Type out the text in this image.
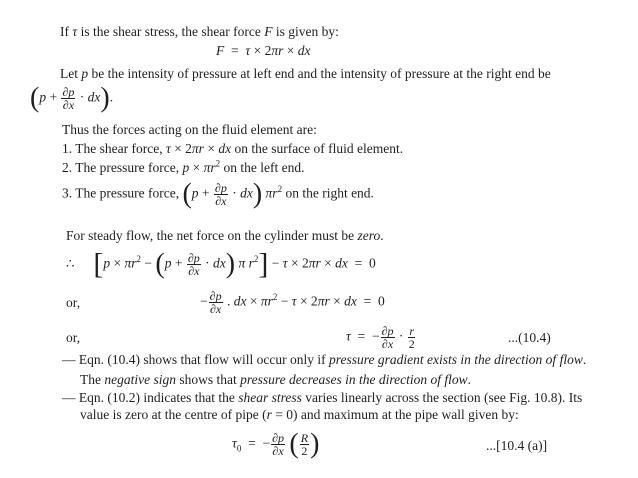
If τ is the shear stress, the shear force F is given by:
F  =  τ × 2πr × dx
Let p be the intensity of pressure at left end and the intensity of pressure at the right end be
$(p + \frac{\partial p}{\partial x} \cdot dx)$.
Thus the forces acting on the fluid element are:
1. The shear force, τ × 2πr × dx on the surface of fluid element.
2. The pressure force, $p \times \pi r^2$ on the left end.
3. The pressure force, $(p + \frac{\partial p}{\partial x} \cdot dx)$ $\pi r^2$ on the right end.
For steady flow, the net force on the cylinder must be zero.
∴ [$p \times \pi r^2 - (p + \frac{\partial p}{\partial x} \cdot dx)$ π $r^2] - \tau \times 2\pi r$ × dx  =  0
or,	− $\frac{\partial p}{\partial x}$ . dx × $\pi r^2 - \tau \times 2\pi r$ × dx  =  0
or,	τ  =  − $\frac{\partial p}{\partial x} \cdot \frac{r}{2}$	...(10.4)
— Eqn. (10.4) shows that flow will occur only if pressure gradient exists in the direction of flow.
The negative sign shows that pressure decreases in the direction of flow.
— Eqn. (10.2) indicates that the shear stress varies linearly across the section (see Fig. 10.8). Its
value is zero at the centre of pipe (r = 0) and maximum at the pipe wall given by:
$\tau_0$  =  − $\frac{\partial p}{\partial x}$ ( $\frac{R}{2}$ )	...[10.4 (a)]
